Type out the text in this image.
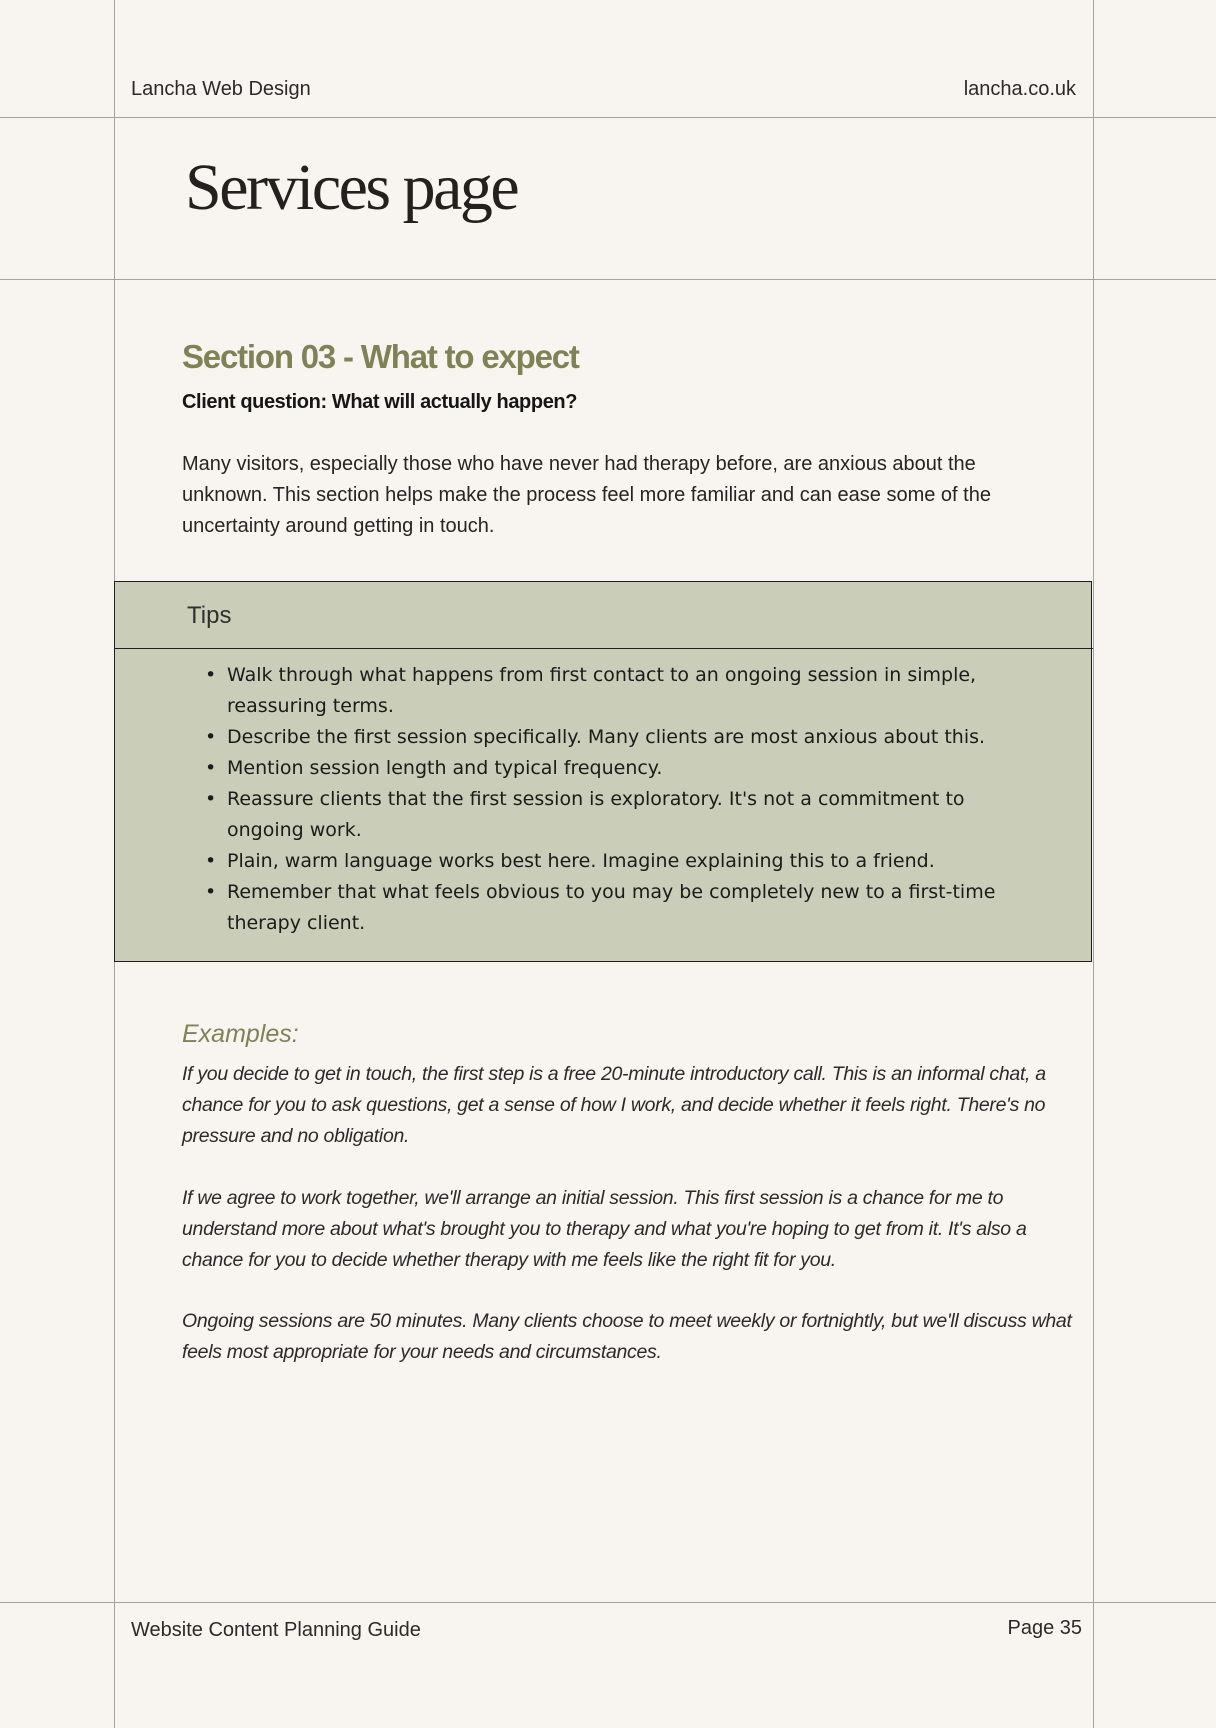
Lancha Web Design	lancha.co.uk
Services page
Section 03 - What to expect
Client question: What will actually happen?

Many visitors, especially those who have never had therapy before, are anxious about the unknown. This section helps make the process feel more familiar and can ease some of the uncertainty around getting in touch.

Tips
• Walk through what happens from first contact to an ongoing session in simple, reassuring terms.
• Describe the first session specifically. Many clients are most anxious about this.
• Mention session length and typical frequency.
• Reassure clients that the first session is exploratory. It's not a commitment to ongoing work.
• Plain, warm language works best here. Imagine explaining this to a friend.
• Remember that what feels obvious to you may be completely new to a first-time therapy client.
Examples:

If you decide to get in touch, the first step is a free 20-minute introductory call. This is an informal chat, a chance for you to ask questions, get a sense of how I work, and decide whether it feels right. There's no pressure and no obligation.

If we agree to work together, we'll arrange an initial session. This first session is a chance for me to understand more about what's brought you to therapy and what you're hoping to get from it. It's also a chance for you to decide whether therapy with me feels like the right fit for you.

Ongoing sessions are 50 minutes. Many clients choose to meet weekly or fortnightly, but we'll discuss what feels most appropriate for your needs and circumstances.

Website Content Planning Guide	Page 35
